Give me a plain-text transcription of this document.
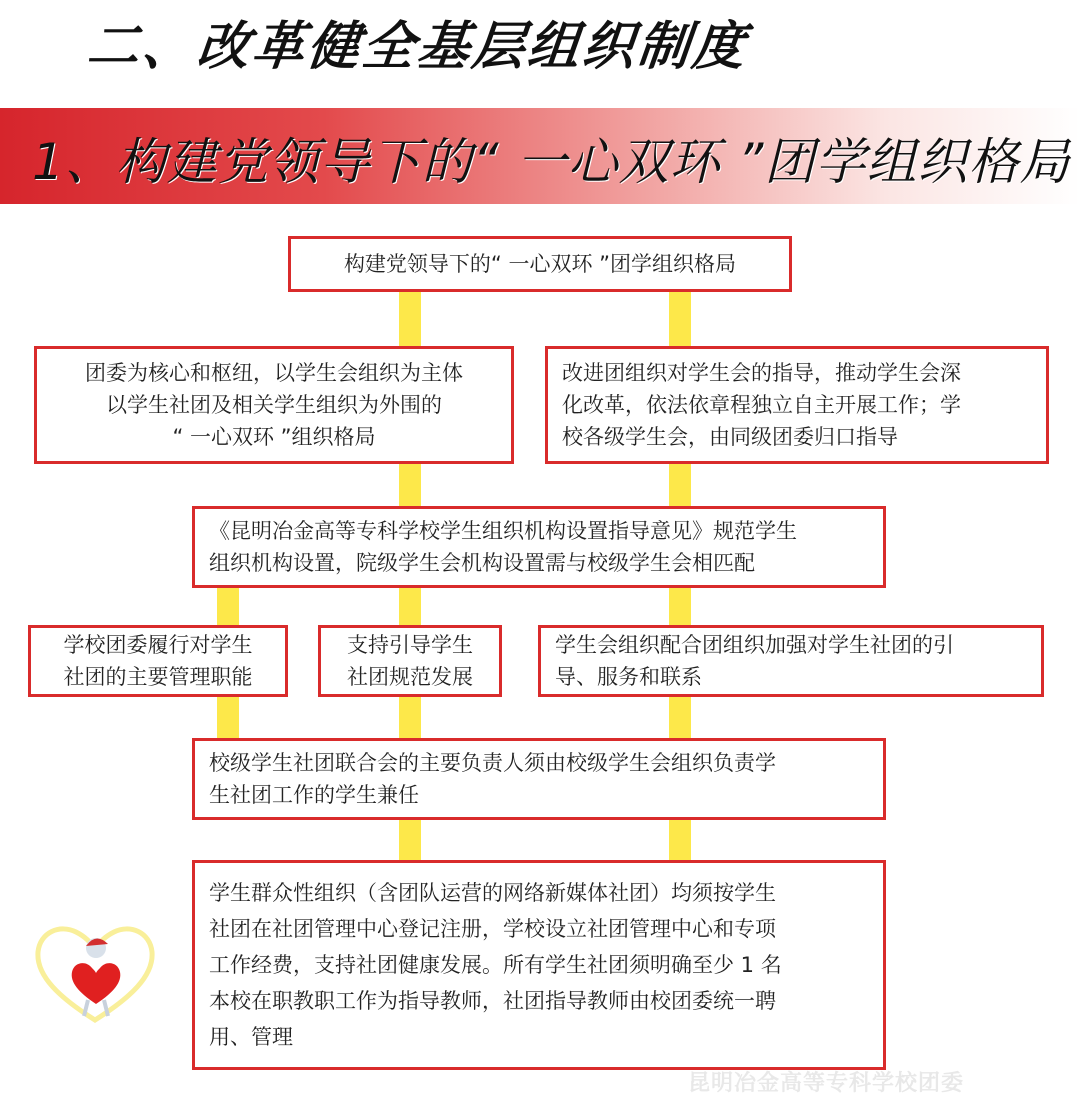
二、改革健全基层组织制度
1、构建党领导下的“ 一心双环 ”团学组织格局
构建党领导下的“ 一心双环 ”团学组织格局
团委为核心和枢纽，以学生会组织为主体
以学生社团及相关学生组织为外围的
“ 一心双环 ”组织格局
改进团组织对学生会的指导，推动学生会深
化改革，依法依章程独立自主开展工作；学
校各级学生会，由同级团委归口指导
《昆明冶金高等专科学校学生组织机构设置指导意见》规范学生
组织机构设置，院级学生会机构设置需与校级学生会相匹配
学校团委履行对学生
社团的主要管理职能
支持引导学生
社团规范发展
学生会组织配合团组织加强对学生社团的引
导、服务和联系
校级学生社团联合会的主要负责人须由校级学生会组织负责学
生社团工作的学生兼任
学生群众性组织（含团队运营的网络新媒体社团）均须按学生
社团在社团管理中心登记注册，学校设立社团管理中心和专项
工作经费，支持社团健康发展。所有学生社团须明确至少 1 名
本校在职教职工作为指导教师，社团指导教师由校团委统一聘
用、管理
昆明冶金高等专科学校团委
